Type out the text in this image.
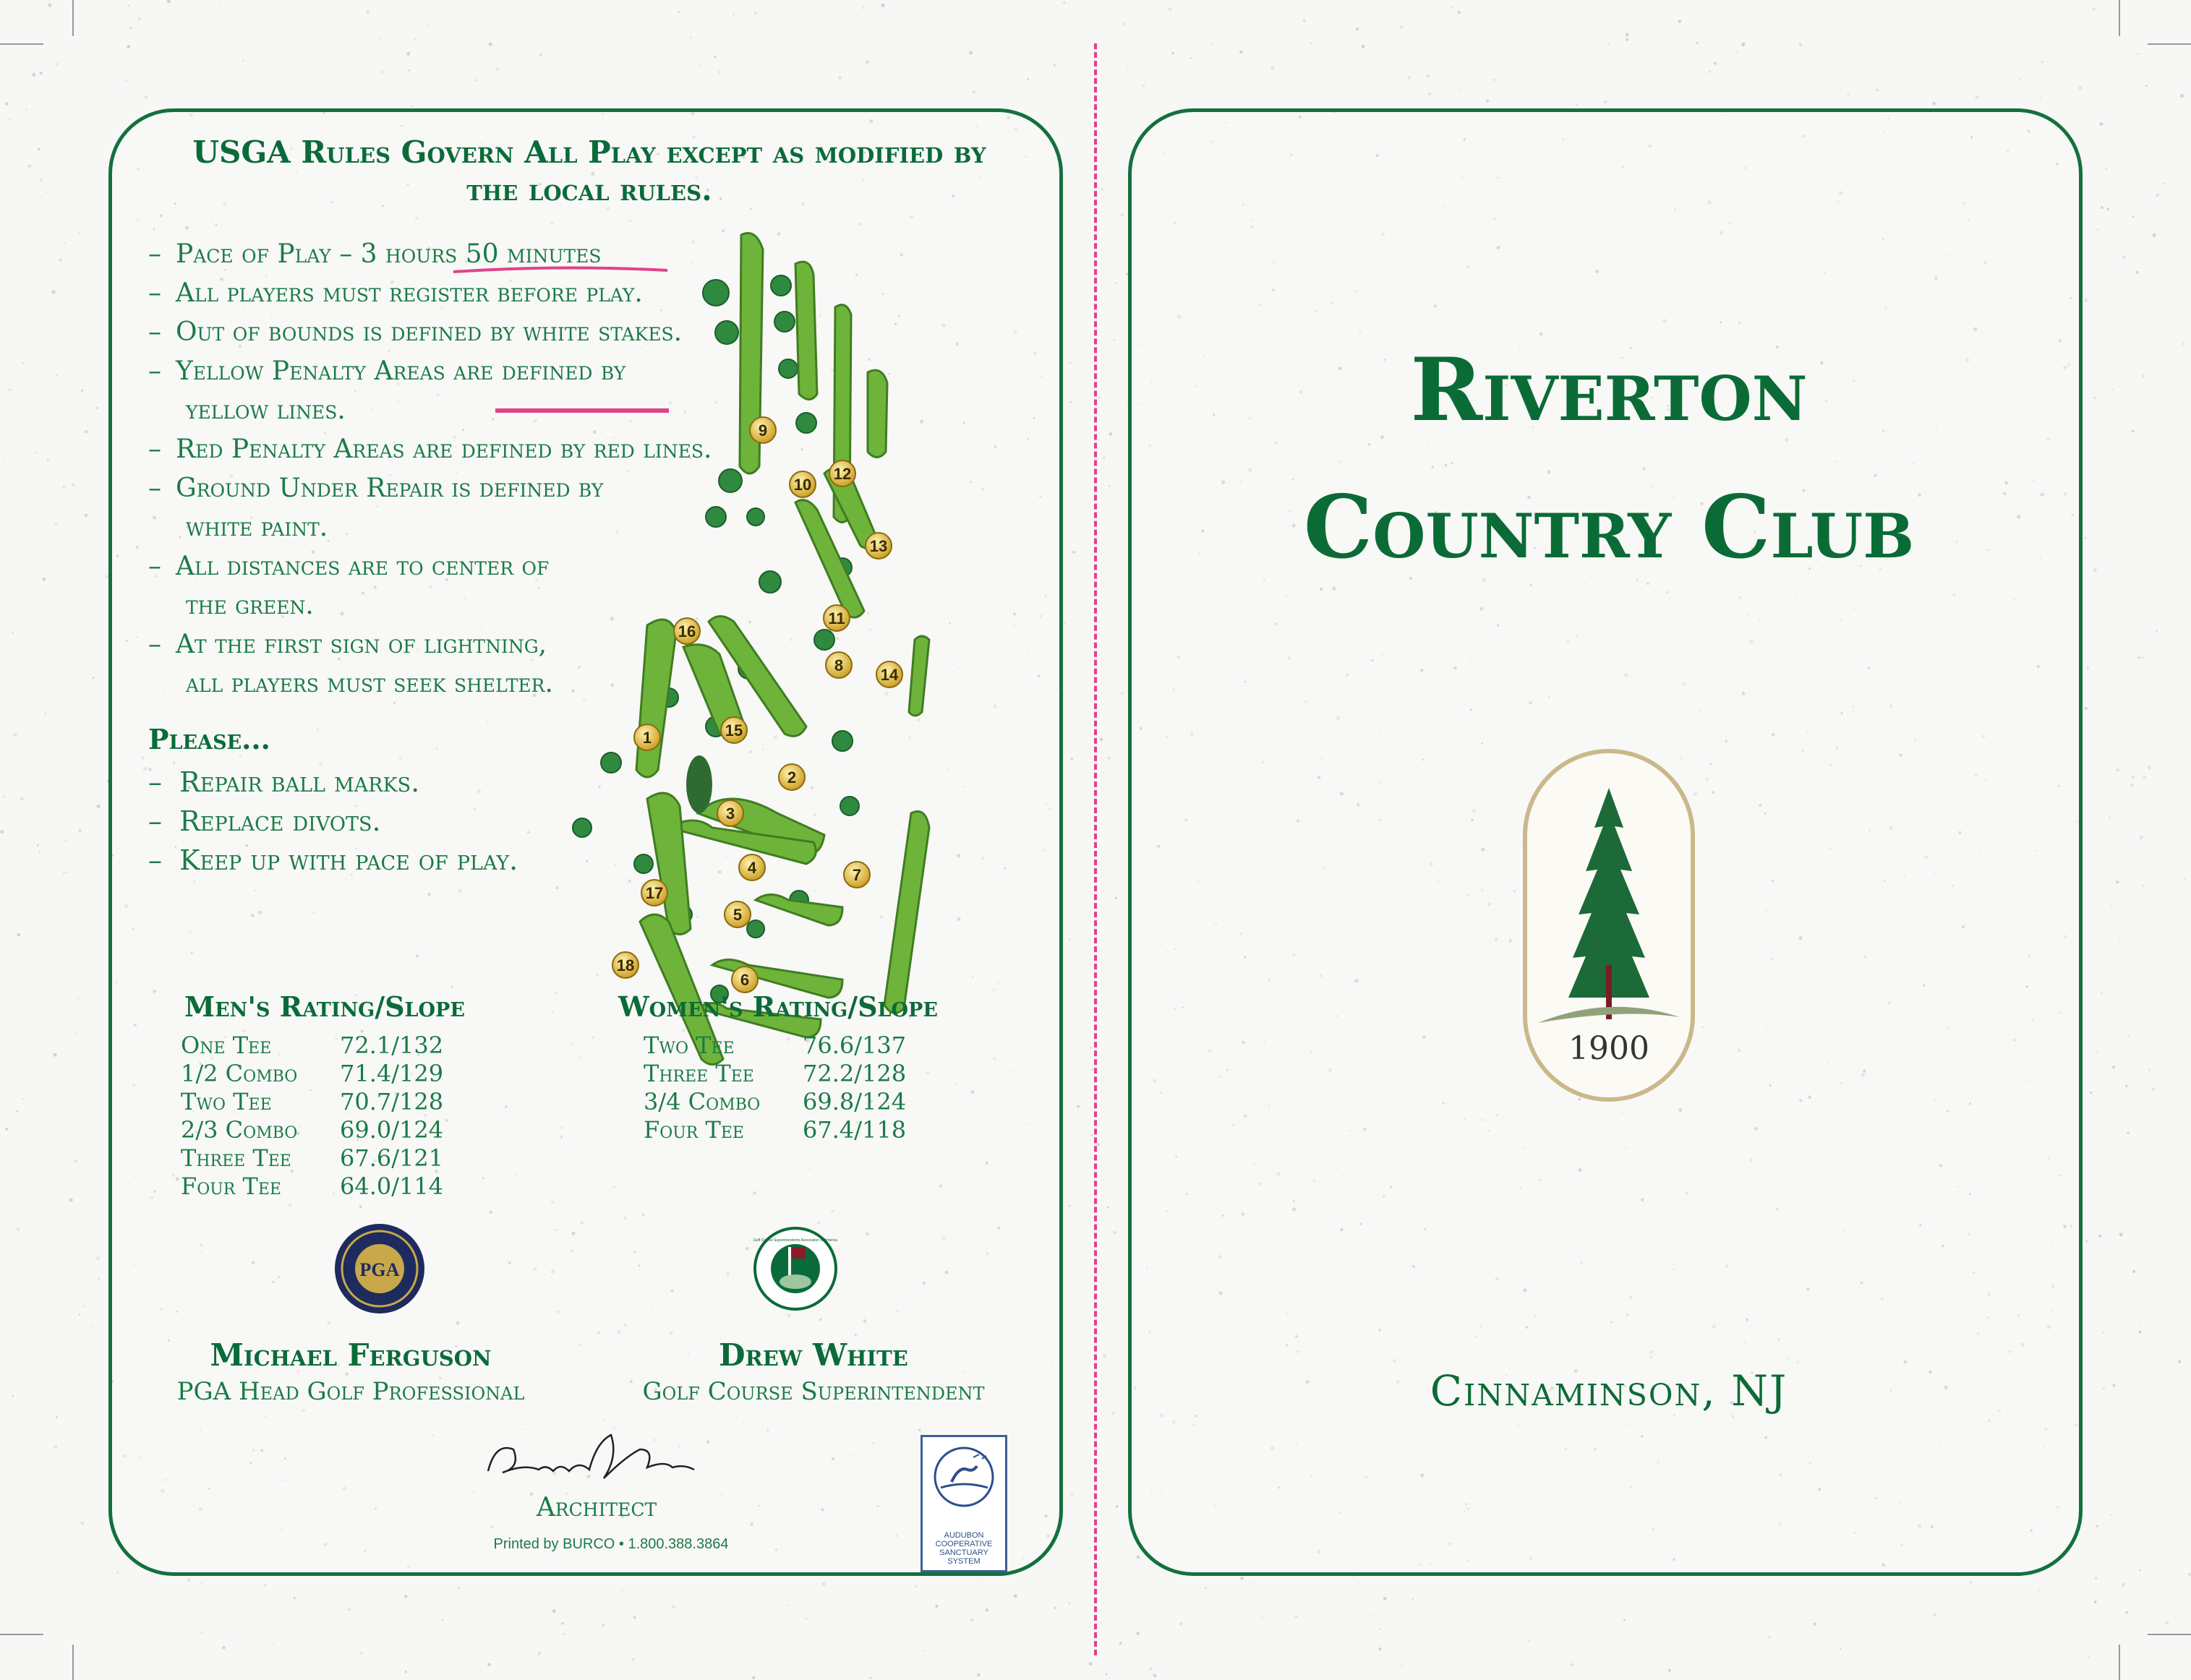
USGA Rules Govern All Play except as modified by the local rules.
– Pace of Play – 3 hours 50 minutes
– All players must register before play.
– Out of bounds is defined by white stakes.
– Yellow Penalty Areas are defined by
yellow lines.
– Red Penalty Areas are defined by red lines.
– Ground Under Repair is defined by
white paint.
– All distances are to center of
the green.
– At the first sign of lightning,
all players must seek shelter.
Please...
–  Repair ball marks.
–  Replace divots.
–  Keep up with pace of play.
1
2
3
4
5
6
7
8
9
10
11
12
13
14
15
16
17
18
Men's Rating/Slope
One Tee	72.1/132
1/2 Combo	71.4/129
Two Tee	70.7/128
2/3 Combo	69.0/124
Three Tee	67.6/121
Four Tee	64.0/114
Women's Rating/Slope
Two Tee	76.6/137
Three Tee	72.2/128
3/4 Combo	69.8/124
Four Tee	67.4/118
PGA
Golf Course Superintendents Association of America
Michael Ferguson
PGA Head Golf Professional
Drew White
Golf Course Superintendent
Donald J Ross
Architect
Printed by BURCO • 1.800.388.3864
AUDUBON
COOPERATIVE
SANCTUARY
SYSTEM
Riverton
Country Club
1900
Cinnaminson, NJ
